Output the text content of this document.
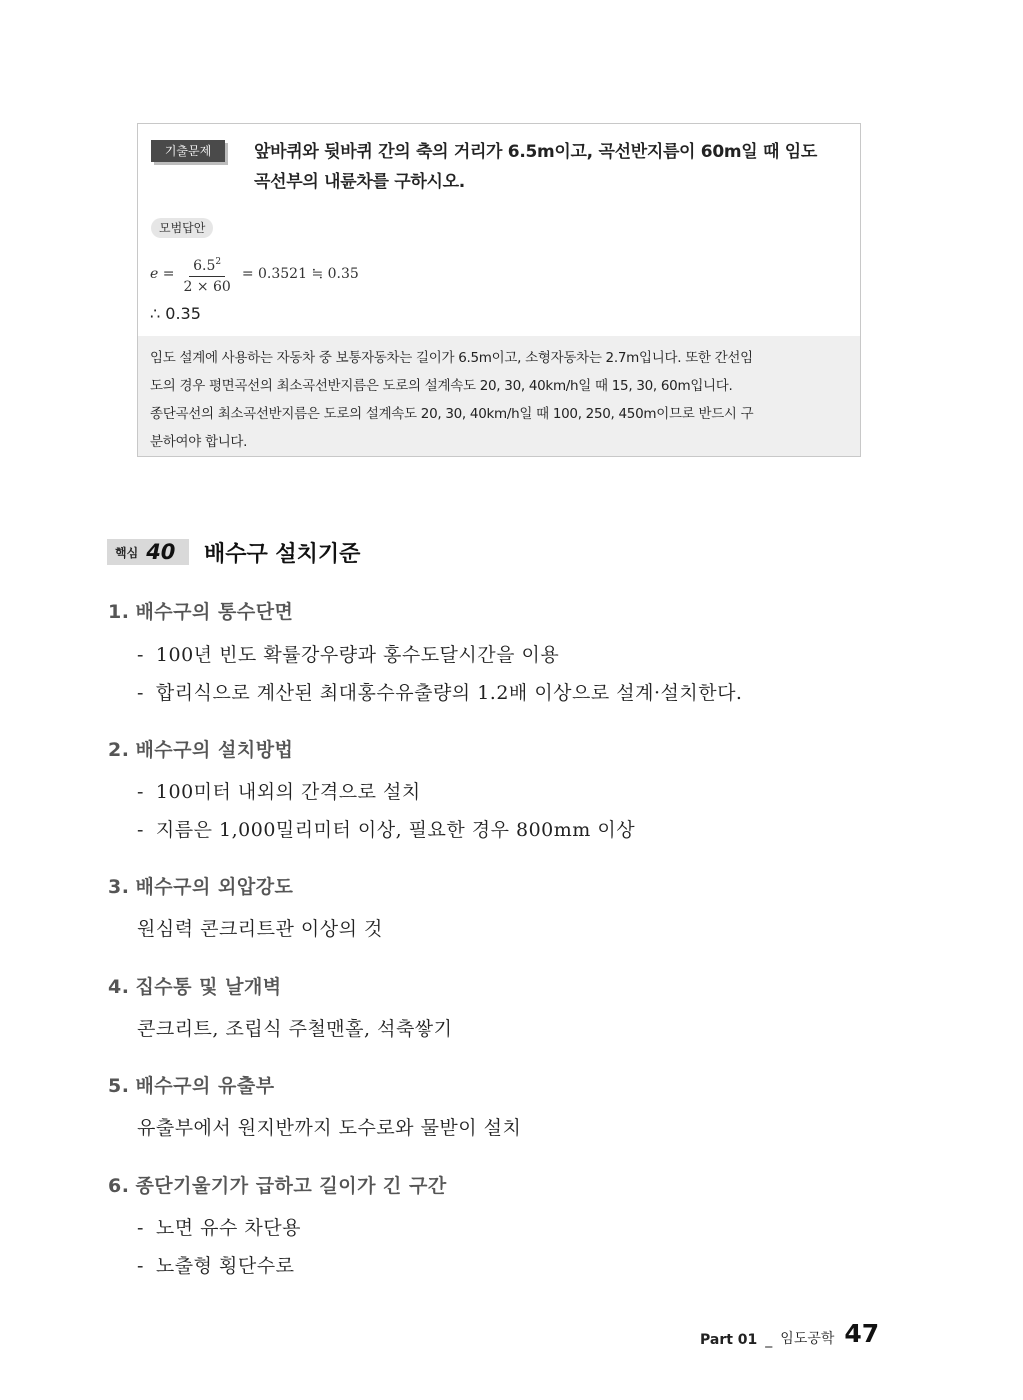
기출문제	앞바퀴와 뒷바퀴 간의 축의 거리가 6.5m이고, 곡선반지름이 60m일 때 임도
곡선부의 내륜차를 구하시오.
모범답안
$e = \frac{6.5^2}{2 \times 60} = 0.3521$ ≒ 0.35
∴ 0.35
임도 설계에 사용하는 자동차 중 보통자동차는 길이가 6.5m이고, 소형자동차는 2.7m입니다. 또한 간선임
도의 경우 평면곡선의 최소곡선반지름은 도로의 설계속도 20, 30, 40km/h일 때 15, 30, 60m입니다.
종단곡선의 최소곡선반지름은 도로의 설계속도 20, 30, 40km/h일 때 100, 250, 450m이므로 반드시 구
분하여야 합니다.
핵심 40 배수구 설치기준
1. 배수구의 통수단면
- 100년 빈도 확률강우량과 홍수도달시간을 이용
- 합리식으로 계산된 최대홍수유출량의 1.2배 이상으로 설계·설치한다.
2. 배수구의 설치방법
- 100미터 내외의 간격으로 설치
- 지름은 1,000밀리미터 이상, 필요한 경우 800mm 이상
3. 배수구의 외압강도
원심력 콘크리트관 이상의 것
4. 집수통 및 날개벽
콘크리트, 조립식 주철맨홀, 석축쌓기
5. 배수구의 유출부
유출부에서 원지반까지 도수로와 물받이 설치
6. 종단기울기가 급하고 길이가 긴 구간
- 노면 유수 차단용
- 노출형 횡단수로
Part 01 _ 임도공학 47
